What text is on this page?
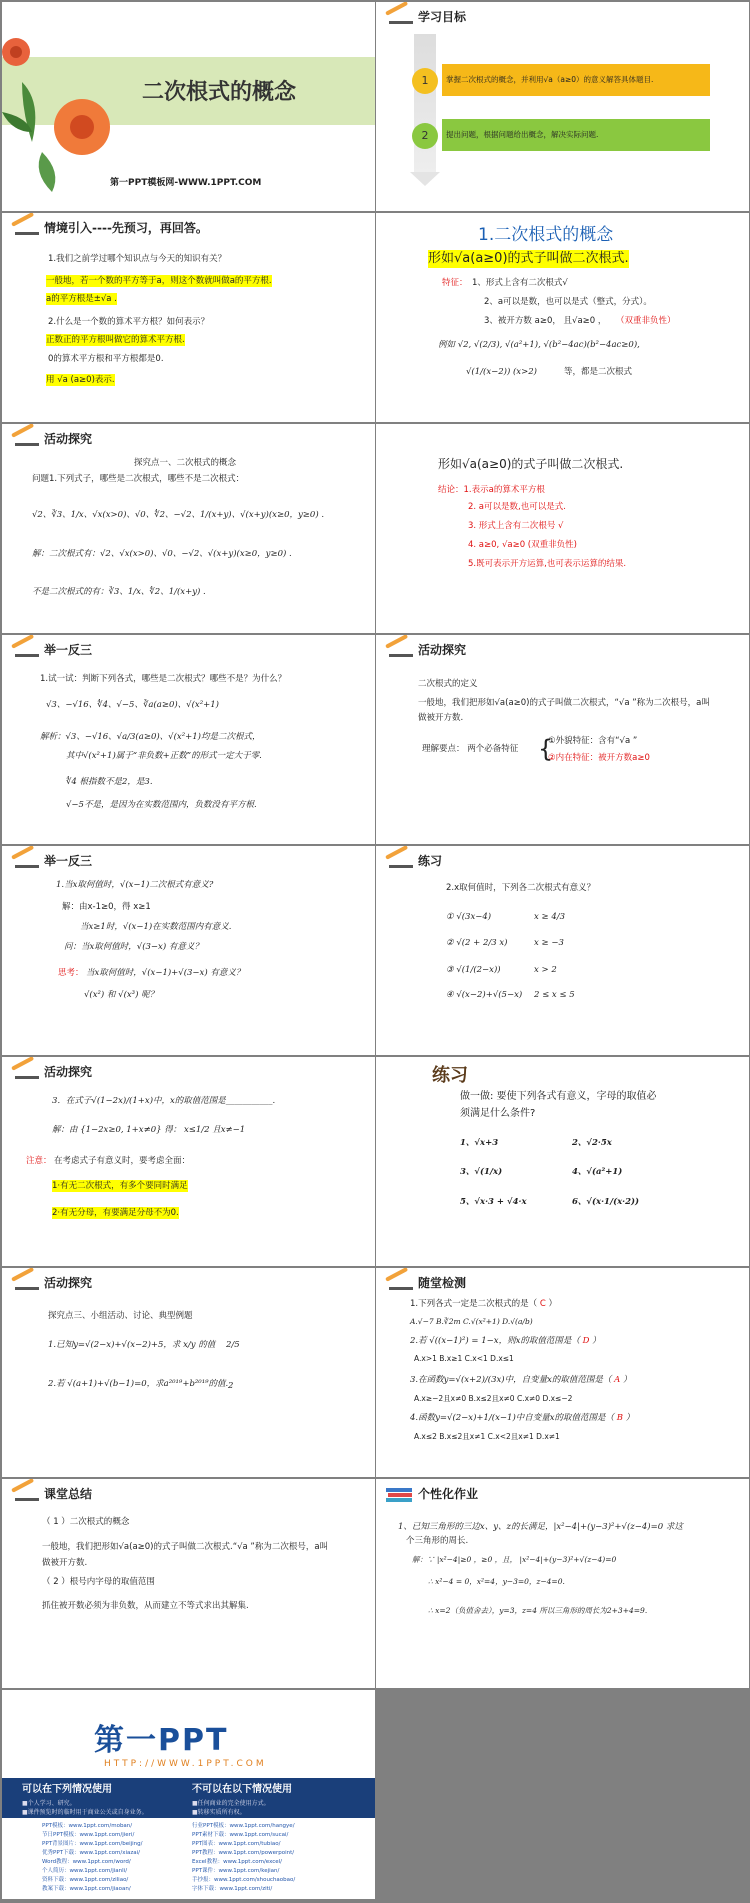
二次根式的概念
第一PPT模板网-WWW.1PPT.COM
学习目标
1	掌握二次根式的概念，并利用√a（a≥0）的意义解答具体题目.
2	提出问题，根据问题给出概念，解决实际问题.
情境引入----先预习，再回答。
1.我们之前学过哪个知识点与今天的知识有关？
一般地，若一个数的平方等于a，则这个数就叫做a的平方根.
a的平方根是±√a .
2.什么是一个数的算术平方根？如何表示？
正数正的平方根叫做它的算术平方根.
0的算术平方根和平方根都是0.
用 √a (a≥0)表示.
1.二次根式的概念
形如√a(a≥0)的式子叫做二次根式.
特征： 1、形式上含有二次根式√
2、a可以是数，也可以是式（整式，分式）。
3、被开方数 a≥0， 且√a≥0 ， （双重非负性）
例如 √2, √(2/3), √(a²+1), √(b²−4ac)(b²−4ac≥0),
√(1/(x−2)) (x>2)	等，都是二次根式
活动探究
探究点一、二次根式的概念
问题1.下列式子，哪些是二次根式，哪些不是二次根式：
√2、∛3、1/x、√x(x>0)、√0、∜2、−√2、1/(x+y)、√(x+y)(x≥0，y≥0) .
解：二次根式有：√2、√x(x>0)、√0、−√2、√(x+y)(x≥0，y≥0) .
不是二次根式的有：∛3、1/x、∜2、1/(x+y) .
形如√a(a≥0)的式子叫做二次根式.
结论：1.表示a的算术平方根
2. a可以是数,也可以是式.
3. 形式上含有二次根号 √
4. a≥0, √a≥0 (双重非负性)
5.既可表示开方运算,也可表示运算的结果.
举一反三
1.试一试：判断下列各式，哪些是二次根式？哪些不是？为什么？
√3、−√16、∜4、√−5、∛a(a≥0)、√(x²+1)
解析：√3、−√16、√a/3(a≥0)、√(x²+1)均是二次根式，
其中√(x²+1)属于“非负数+正数”的形式一定大于零.
∜4 根指数不是2，是3.
√−5不是，是因为在实数范围内，负数没有平方根.
活动探究
二次根式的定义
一般地，我们把形如√a(a≥0)的式子叫做二次根式，“√a ”称为二次根号，a叫
做被开方数.
理解要点： 两个必备特征 {
①外貌特征：含有“√a ”
②内在特征：被开方数a≥0
举一反三
1.当x取何值时，√(x−1)二次根式有意义?
解：由x-1≥0，得 x≥1
当x≥1时，√(x−1)在实数范围内有意义.
问：当x取何值时，√(3−x) 有意义？
思考： 当x取何值时，√(x−1)+√(3−x) 有意义？
√(x²) 和 √(x³) 呢？
练习
2.x取何值时，下列各二次根式有意义？
① √(3x−4)	x ≥ 4/3
② √(2 + 2/3 x)	x ≥ −3
③ √(1/(2−x))	x > 2
④ √(x−2)+√(5−x) 2 ≤ x ≤ 5
活动探究
3．在式子√(1−2x)/(1+x)中，x的取值范围是___________.
解：由 {1−2x≥0, 1+x≠0} 得： x≤1/2 且x≠−1
注意： 在考虑式子有意义时，要考虑全面：
1·有无二次根式，有多个要同时满足
2·有无分母，有要满足分母不为0.
练习
做一做: 要使下列各式有意义，字母的取值必
须满足什么条件?
1、√x+3	2、√2·5x
3、√(1/x)	4、√(a²+1)
5、√x·3 + √4·x	6、√(x·1/(x·2))
活动探究
探究点三、小组活动、讨论、典型例题
1.已知y=√(2−x)+√(x−2)+5，求 x/y 的值 2/5
2.若 √(a+1)+√(b−1)=0，求a²⁰¹⁹+b²⁰¹⁹的值. 2
随堂检测
1.下列各式一定是二次根式的是（ C ）
A.√−7 B.∛2m C.√(x²+1) D.√(a/b)
2.若 √((x−1)²) = 1−x，则x的取值范围是（ D ）
A.x>1 B.x≥1 C.x<1 D.x≤1
3.在函数y=√(x+2)/(3x)中，自变量x的取值范围是（ A ）
A.x≥−2且x≠0 B.x≤2且x≠0 C.x≠0 D.x≤−2
4.函数y=√(2−x)+1/(x−1)中自变量x的取值范围是（ B ）
A.x≤2 B.x≤2且x≠1 C.x<2且x≠1 D.x≠1
课堂总结
（ 1 ）二次根式的概念
一般地，我们把形如√a(a≥0)的式子叫做二次根式.“√a ”称为二次根号，a叫
做被开方数.
（ 2 ）根号内字母的取值范围
抓住被开数必须为非负数，从而建立不等式求出其解集.
个性化作业
1、已知三角形的三边x、y、z的长满足，|x²−4|+(y−3)²+√(z−4)=0 求这
个三角形的周长.
解：∵ |x²−4|≥0 ，≥0 ，且， |x²−4|+(y−3)²+√(z−4)=0
∴ x²−4 = 0，x²=4，y−3=0，z−4=0.
∴ x=2（负值舍去），y=3，z=4 所以三角形的周长为2+3+4=9.
第一PPT
HTTP://WWW.1PPT.COM
可以在下列情况使用
■个人学习、研究。
■课件预览时的临时用于商业公关或自身业务。
不可以在以下情况使用
■任何商业的完全使用方式。
■转移实质所有权。
PPT模板：www.1ppt.com/moban/
节日PPT模板：www.1ppt.com/jieri/
PPT背景图片：www.1ppt.com/beijing/
优秀PPT下载：www.1ppt.com/xiazai/
Word教程：www.1ppt.com/word/
个人简历：www.1ppt.com/jianli/
资料下载：www.1ppt.com/ziliao/
教案下载：www.1ppt.com/jiaoan/
行业PPT模板：www.1ppt.com/hangye/
PPT素材下载：www.1ppt.com/sucai/
PPT图表：www.1ppt.com/tubiao/
PPT教程：www.1ppt.com/powerpoint/
Excel教程：www.1ppt.com/excel/
PPT课件：www.1ppt.com/kejian/
手抄报：www.1ppt.com/shouchaobao/
字体下载：www.1ppt.com/ziti/
